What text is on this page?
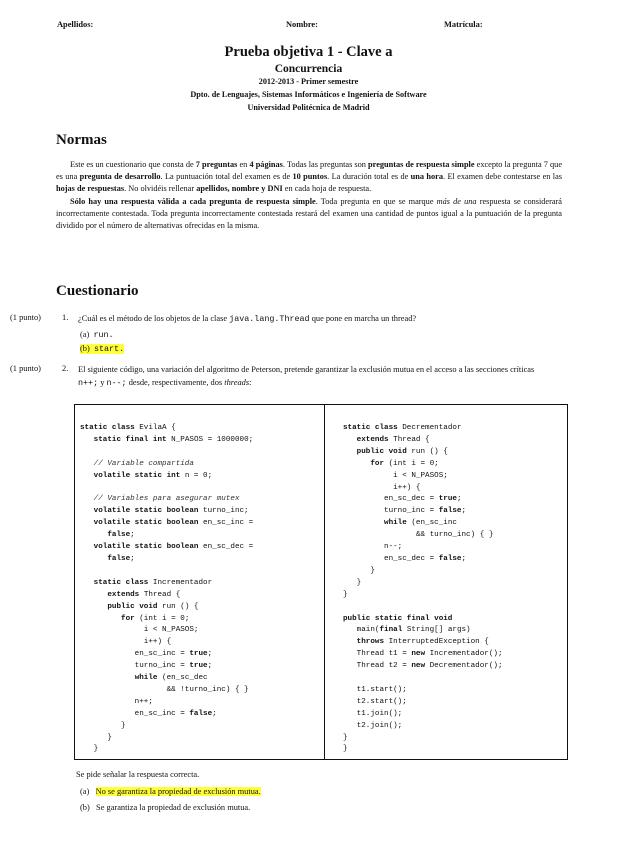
Apellidos:	Nombre:	Matrícula:
Prueba objetiva 1 - Clave a
Concurrencia
2012-2013 - Primer semestre
Dpto. de Lenguajes, Sistemas Informáticos e Ingeniería de Software
Universidad Politécnica de Madrid
Normas

Este es un cuestionario que consta de 7 preguntas en 4 páginas. Todas las preguntas son preguntas de respuesta simple excepto la pregunta 7 que es una pregunta de desarrollo. La puntuación total del examen es de 10 puntos. La duración total es de una hora. El examen debe contestarse en las hojas de respuestas. No olvidéis rellenar apellidos, nombre y DNI en cada hoja de respuesta.

Sólo hay una respuesta válida a cada pregunta de respuesta simple. Toda pregunta en que se marque más de una respuesta se considerará incorrectamente contestada. Toda pregunta incorrectamente contestada restará del examen una cantidad de puntos igual a la puntuación de la pregunta dividido por el número de alternativas ofrecidas en la misma.

Cuestionario
(1 punto)	1. ¿Cuál es el método de los objetos de la clase java.lang.Thread que pone en marcha un thread?
(a) run.
(b) start.
(1 punto)	2. El siguiente código, una variación del algoritmo de Peterson, pretende garantizar la exclusión mutua en el acceso a las secciones críticas n++; y n--; desde, respectivamente, dos threads:
static class EvilaA {
static final int N_PASOS = 1000000;

// Variable compartida
volatile static int n = 0;

// Variables para asegurar mutex
volatile static boolean turno_inc;
volatile static boolean en_sc_inc =
false;
volatile static boolean en_sc_dec =
false;

static class Incrementador
extends Thread {
public void run () {
for (int i = 0;
i < N_PASOS;
i++) {
en_sc_inc = true;
turno_inc = true;
while (en_sc_dec
&& !turno_inc) { }
n++;
en_sc_inc = false;
}
}
}
static class Decrementador
extends Thread {
public void run () {
for (int i = 0;
i < N_PASOS;
i++) {
en_sc_dec = true;
turno_inc = false;
while (en_sc_inc
&& turno_inc) { }
n--;
en_sc_dec = false;
}
}
}

public static final void
main(final String[] args)
throws InterruptedException {
Thread t1 = new Incrementador();
Thread t2 = new Decrementador();

t1.start();
t2.start();
t1.join();
t2.join();
}
}
Se pide señalar la respuesta correcta.
(a) No se garantiza la propiedad de exclusión mutua.
(b) Se garantiza la propiedad de exclusión mutua.
